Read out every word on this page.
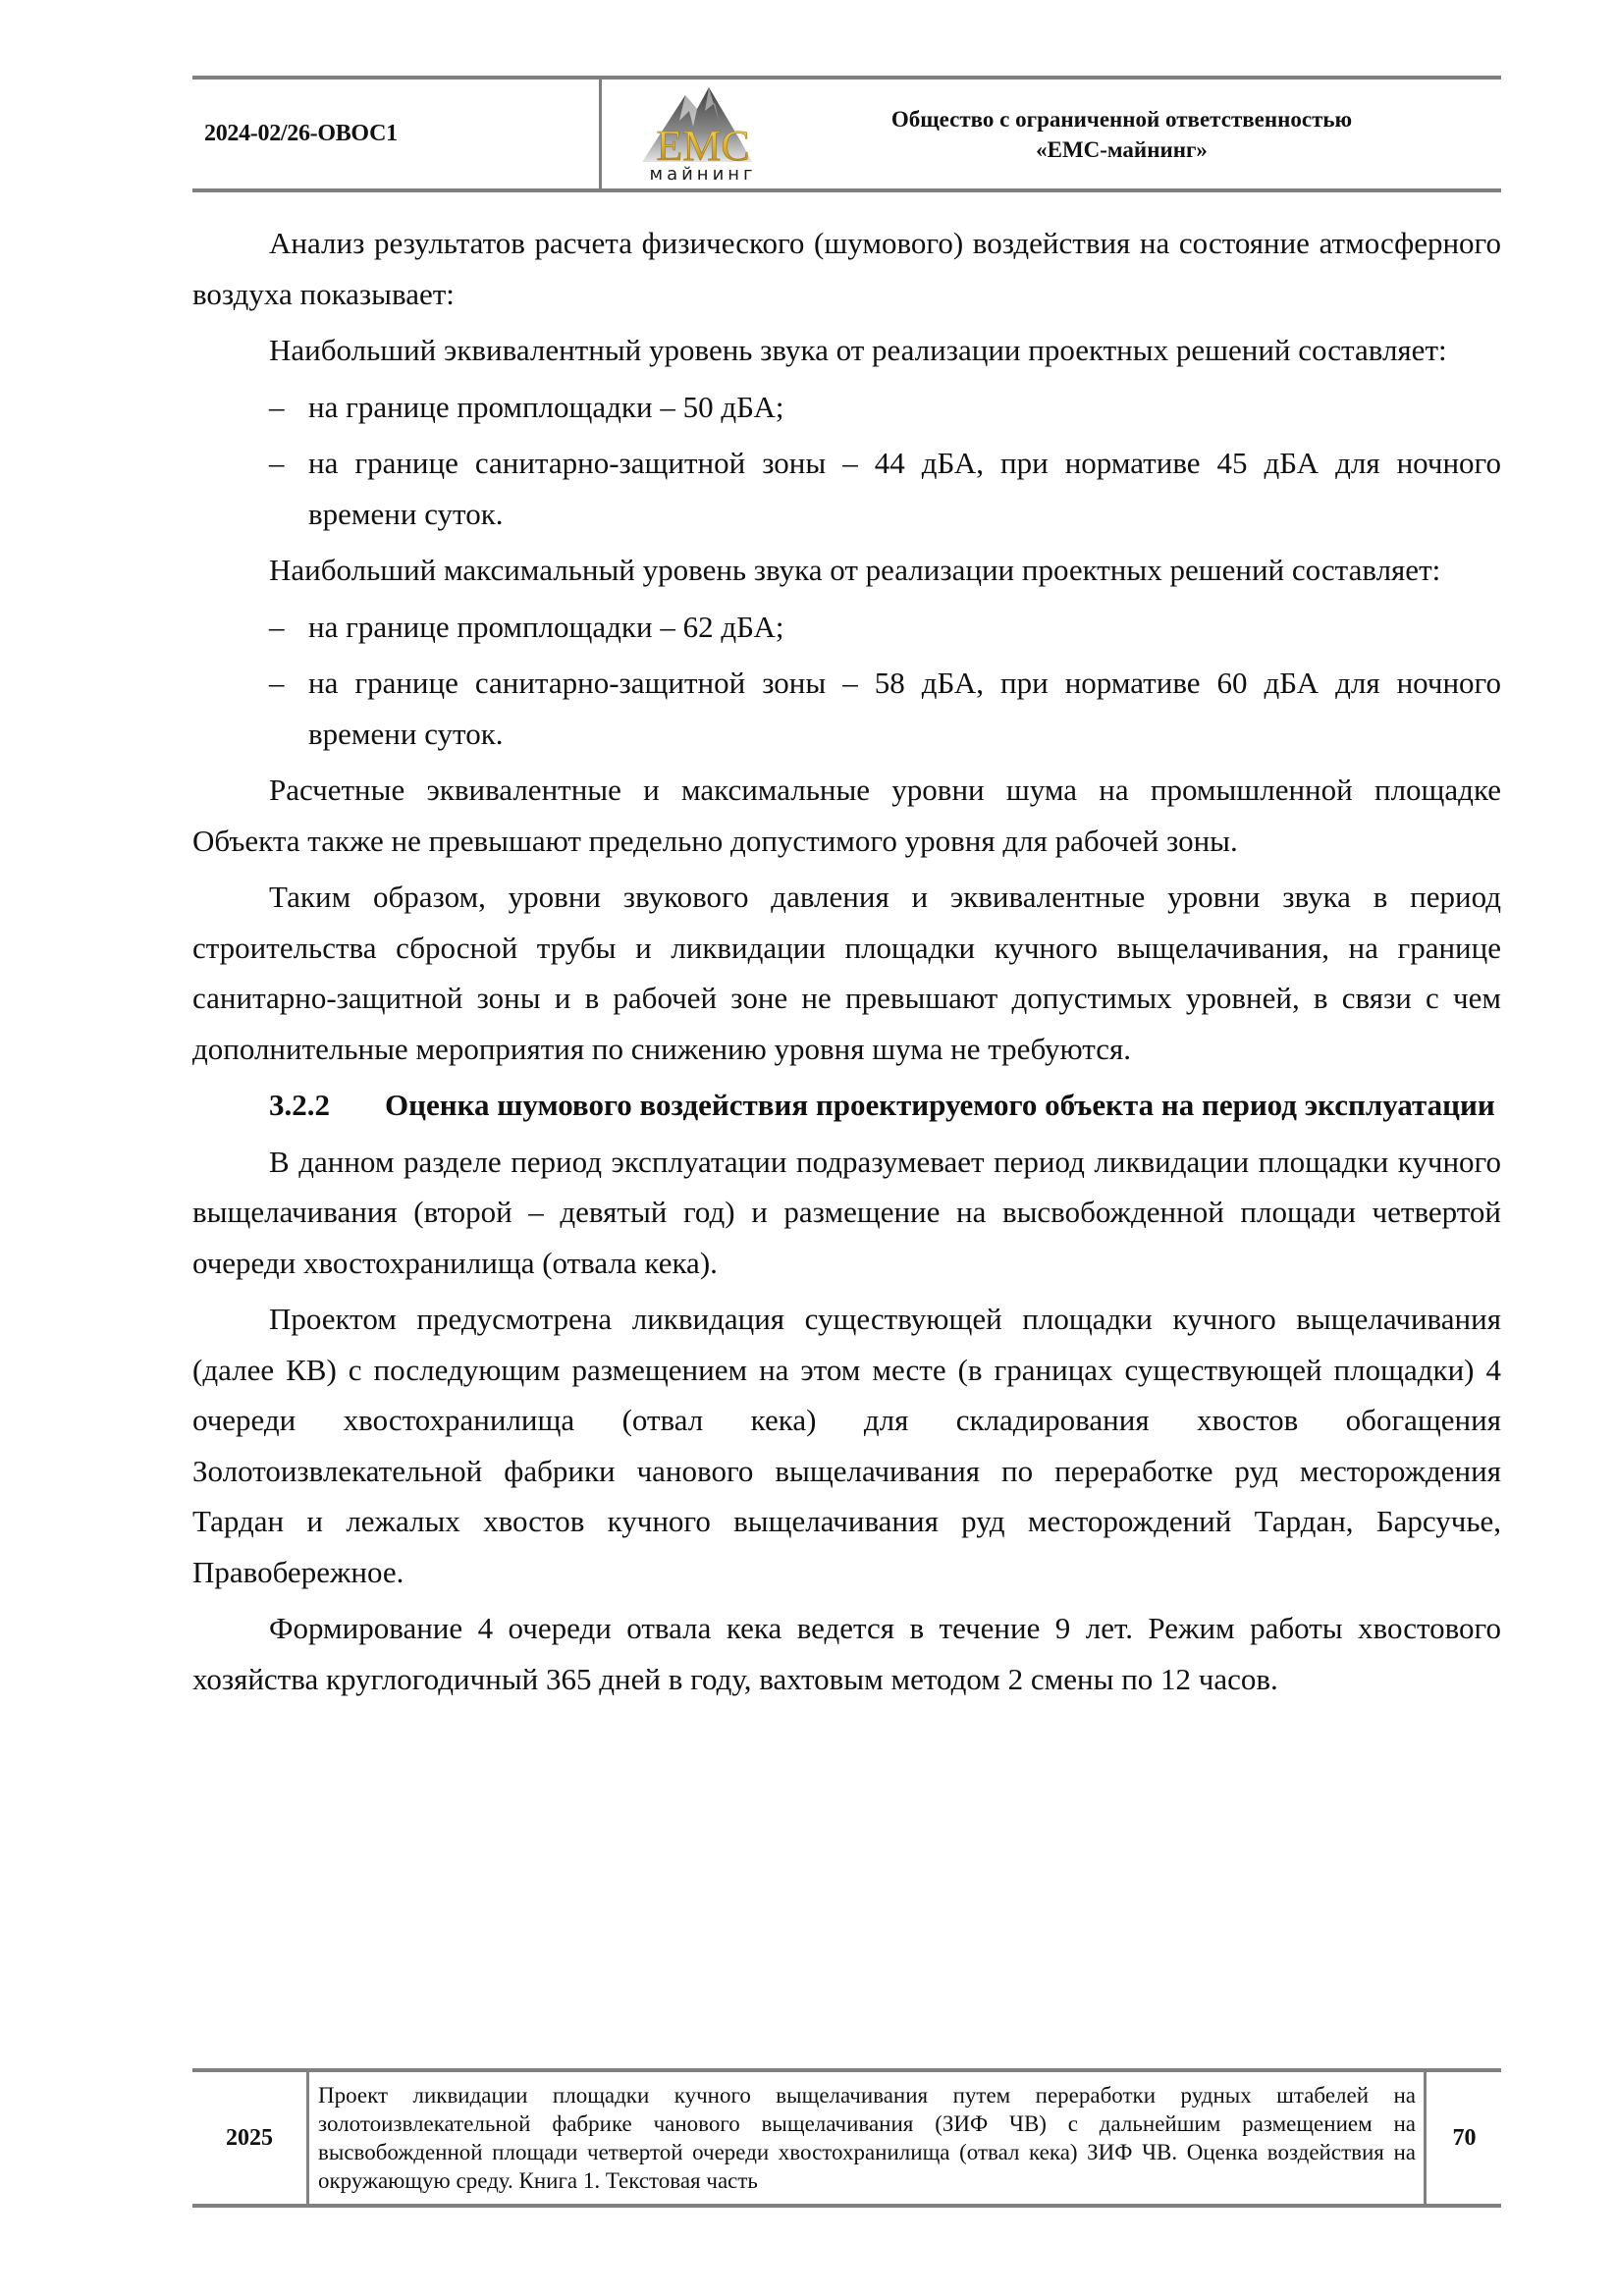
2024-02/26-ОВОС1	EMC
майнинг
Общество с ограниченной ответственностью
«ЕМС-майнинг»

Анализ результатов расчета физического (шумового) воздействия на состояние атмосферного воздуха показывает:

Наибольший эквивалентный уровень звука от реализации проектных решений составляет:

– на границе промплощадки – 50 дБА;
– на границе санитарно-защитной зоны – 44 дБА, при нормативе 45 дБА для ночного времени суток.

Наибольший максимальный уровень звука от реализации проектных решений составляет:

– на границе промплощадки – 62 дБА;
– на границе санитарно-защитной зоны – 58 дБА, при нормативе 60 дБА для ночного времени суток.

Расчетные эквивалентные и максимальные уровни шума на промышленной площадке Объекта также не превышают предельно допустимого уровня для рабочей зоны.

Таким образом, уровни звукового давления и эквивалентные уровни звука в период строительства сбросной трубы и ликвидации площадки кучного выщелачивания, на границе санитарно-защитной зоны и в рабочей зоне не превышают допустимых уровней, в связи с чем дополнительные мероприятия по снижению уровня шума не требуются.

3.2.2 Оценка шумового воздействия проектируемого объекта на период эксплуатации

В данном разделе период эксплуатации подразумевает период ликвидации площадки кучного выщелачивания (второй – девятый год) и размещение на высвобожденной площади четвертой очереди хвостохранилища (отвала кека).

Проектом предусмотрена ликвидация существующей площадки кучного выщелачивания (далее КВ) с последующим размещением на этом месте (в границах существующей площадки) 4 очереди хвостохранилища (отвал кека) для складирования хвостов обогащения Золотоизвлекательной фабрики чанового выщелачивания по переработке руд месторождения Тардан и лежалых хвостов кучного выщелачивания руд месторождений Тардан, Барсучье, Правобережное.

Формирование 4 очереди отвала кека ведется в течение 9 лет. Режим работы хвостового хозяйства круглогодичный 365 дней в году, вахтовым методом 2 смены по 12 часов.

2025
Проект ликвидации площадки кучного выщелачивания путем переработки рудных штабелей на золотоизвлекательной фабрике чанового выщелачивания (ЗИФ ЧВ) с дальнейшим размещением на высвобожденной площади четвертой очереди хвостохранилища (отвал кека) ЗИФ ЧВ. Оценка воздействия на окружающую среду. Книга 1. Текстовая часть
70
